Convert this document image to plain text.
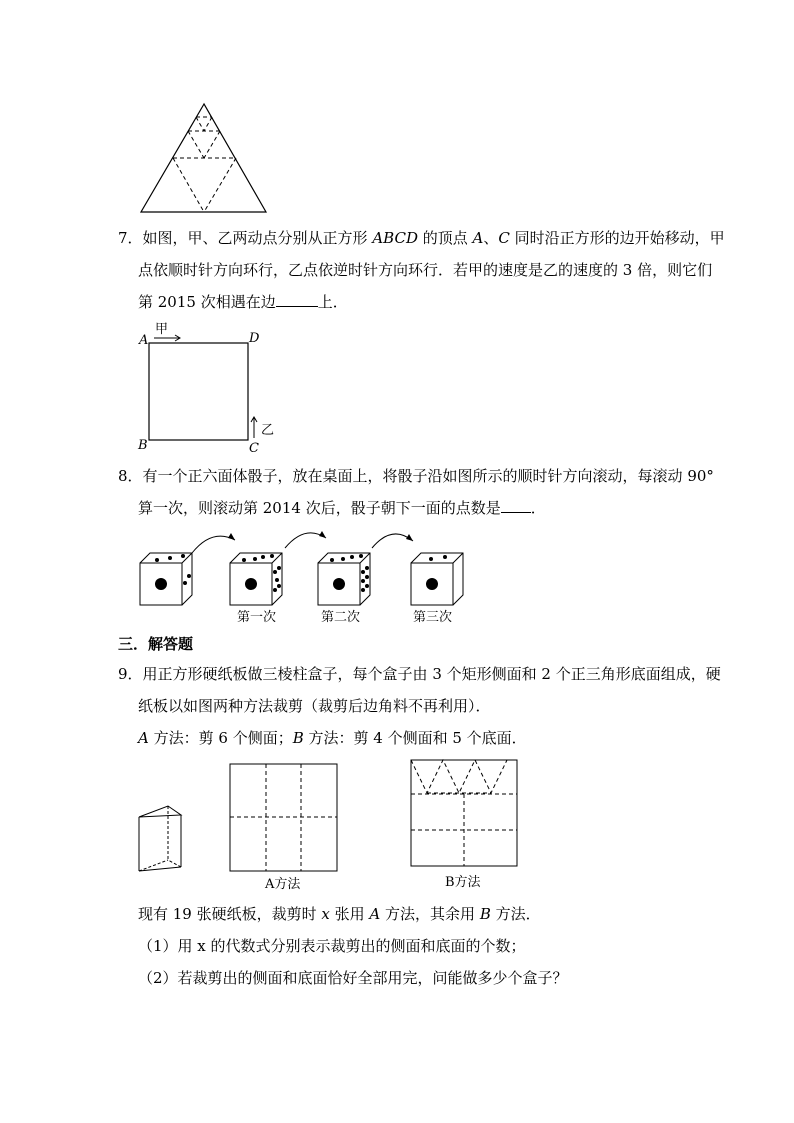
7．如图，甲、乙两动点分别从正方形 ABCD 的顶点 A、C 同时沿正方形的边开始移动，甲
点依顺时针方向环行，乙点依逆时针方向环行．若甲的速度是乙的速度的 3 倍，则它们
第 2015 次相遇在边	上．
A
甲
D
B	C
乙
8．有一个正六面体骰子，放在桌面上，将骰子沿如图所示的顺时针方向滚动，每滚动 90°
算一次，则滚动第 2014 次后，骰子朝下一面的点数是 ．
第一次	第二次	第三次
三．解答题
9．用正方形硬纸板做三棱柱盒子，每个盒子由 3 个矩形侧面和 2 个正三角形底面组成，硬
纸板以如图两种方法裁剪（裁剪后边角料不再利用）．
A 方法：剪 6 个侧面；B 方法：剪 4 个侧面和 5 个底面．
A方法	B方法
现有 19 张硬纸板，裁剪时 x 张用 A 方法，其余用 B 方法．
（1）用 x 的代数式分别表示裁剪出的侧面和底面的个数；
（2）若裁剪出的侧面和底面恰好全部用完，问能做多少个盒子？
